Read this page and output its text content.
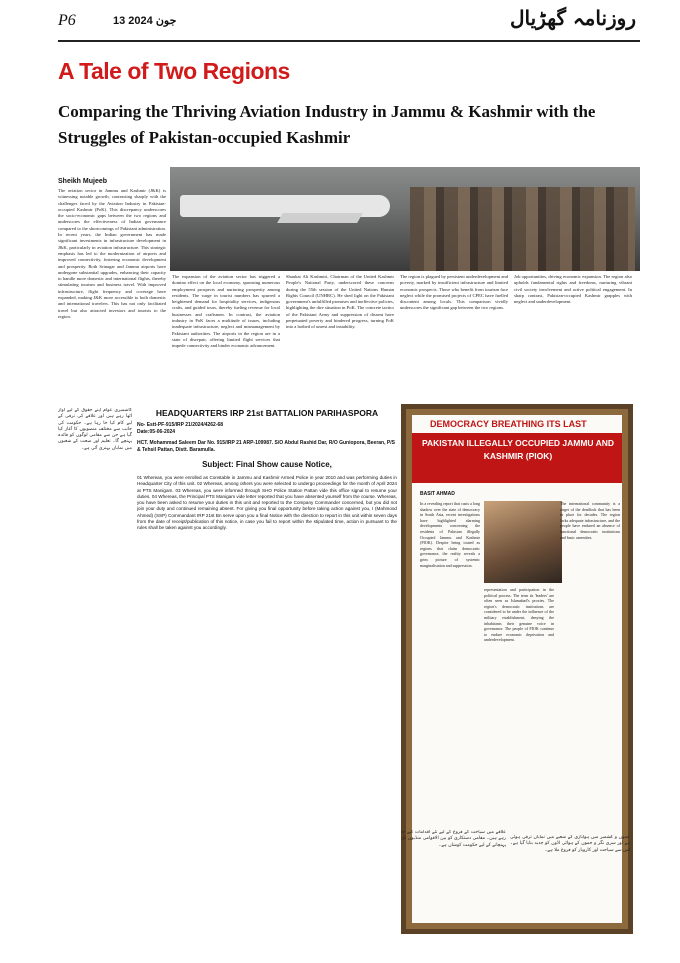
P6	13 جون 2024	روزنامہ گھڑیال
A Tale of Two Regions
Comparing the Thriving Aviation Industry in Jammu & Kashmir with the Struggles of Pakistan-occupied Kashmir
Sheikh Mujeeb
The aviation sector in Jammu and Kashmir (J&K) is witnessing notable growth, contrasting sharply with the challenges faced by the Aviation Industry in Pakistan-occupied Kashmir (PoK). This discrepancy underscores the socio-economic gaps between the two regions and underscores the effectiveness of Indian governance compared to the shortcomings of Pakistani administration. In recent years, the Indian government has made significant investments in infrastructure development in J&K, particularly in aviation infrastructure. This strategic emphasis has led to the modernization of airports and improved connectivity, fostering economic development and prosperity. Both Srinagar and Jammu airports have undergone substantial upgrades, enhancing their capacity to handle more domestic and international flights, thereby stimulating tourism and business travel. With improved infrastructure, flight frequency and coverage have expanded, making J&K more accessible to both domestic and international travelers. This has not only facilitated travel but also attracted investors and tourists to the region.
The expansion of the aviation sector has triggered a domino effect on the local economy, spawning numerous employment prospects and nurturing prosperity among residents. The surge in tourist numbers has spurred a heightened demand for hospitality services, indigenous crafts, and guided tours, thereby fueling revenue for local businesses and craftsmen. In contrast, the aviation industry in PoK faces a multitude of issues, including inadequate infrastructure, neglect and mismanagement by Pakistani authorities. The airports in the region are in a state of disrepair, offering limited flight services that impede connectivity and hinder economic advancement.
Shaukat Ali Kashmiri, Chairman of the United Kashmir People's National Party, underscored these concerns during the 55th session of the United Nations Human Rights Council (UNHRC). He shed light on the Pakistani government's unfulfilled promises and ineffective policies, highlighting the dire situation in PoK. The concrete tactics of the Pakistani Army and suppression of dissent have perpetuated poverty and hindered progress, turning PoK into a hotbed of unrest and instability.
The region is plagued by persistent underdevelopment and poverty, marked by insufficient infrastructure and limited economic prospects. Those who benefit from tourism face neglect while the promised projects of CPEC have fuelled discontent among locals. This comparison vividly underscores the significant gap between the two regions.
Job opportunities, driving economic expansion. The region also upholds fundamental rights and freedoms, nurturing vibrant civil society involvement and active political engagement. In sharp contrast, Pakistan-occupied Kashmir grapples with neglect and underdevelopment.
کاشمیری عوام اپنے حقوق کے لیے آواز اٹھا رہے ہیں اور علاقے کی ترقی کے لیے کام کیا جا رہا ہے۔ حکومت کی جانب سے مختلف منصوبوں کا آغاز کیا گیا ہے جن سے مقامی لوگوں کو فائدہ پہنچے گا۔ تعلیم اور صحت کے شعبوں میں نمایاں بہتری آئی ہے۔
HEADQUARTERS IRP 21st BATTALION PARIHASPORA
No- Estt-PF-915/IRP 21/2024/4262-68
Date:05-06-2024
HCT. Mohammad Saleem Dar No. 915/IRP 21 ARP-109987. S/O Abdul Rashid Dar, R/O Guniopora, Beeran, P/S & Tehsil Pattan, Distt. Baramulla.
Subject: Final Show cause Notice,
01 Whereas, you were enrolled as Constable in Jammu and Kashmir Armed Police in year 2010 and was performing duties in Headquarter City of this unit. 02 Whereas, among others you were selected to undergo proceedings for the month of April 2024 at PTS Manigam. 03 Whereas, you were informed through SHO Police Station Pattan vide this office signal to resume your duties. 04 Whereas, the Principal PTS Manigam vide letter reported that you have absented yourself from the course. Whereas, you have been asked to resume your duties in this unit and reported to the Company Commander concerned, but you did not join your duty and continued remaining absent. For giving you final opportunity before taking action against you, I (Mahmood Ahmed) (SSP) Commandant IRP 21st Bn serve upon you a final Notice with the direction to report in this unit within seven days from the date of receipt/publication of this notice, in case you fail to report within the stipulated time, action in pursuant to the rules shall be taken against you accordingly.
DEMOCRACY BREATHING ITS LAST
PAKISTAN ILLEGALLY OCCUPIED JAMMU AND KASHMIR (PIOK)
BASIT AHMAD
In a revealing report that casts a long shadow over the state of democracy in South Asia, recent investigations have highlighted alarming developments concerning the residents of Pakistan illegally Occupied Jammu and Kashmir (PIOK). Despite being touted as regions that claim democratic governance, the reality reveals a grim picture of systemic marginalisation and suppression.
representation and participation in the political process. The term its 'leaders' are often seen as Islamabad's proxies. The region's democratic institutions are considered to be under the influence of the military establishment, denying the inhabitants their genuine voice in governance. The people of PIOK continue to endure economic deprivation and underdevelopment.
The international community is a target of the deadlock that has been in place for decades. The region lacks adequate infrastructure, and the people have endured an absence of functional democratic institutions and basic amenities.
علاقے میں سیاحت کے فروغ کے لیے نئے اقدامات کیے جا رہے ہیں۔ مقامی دستکاری کو بین الاقوامی منڈیوں تک پہنچانے کے لیے حکومت کوشاں ہے۔
جموں و کشمیر میں ہوابازی کے شعبے میں نمایاں ترقی ہوئی ہے اور سری نگر و جموں کے ہوائی اڈوں کو جدید بنایا گیا ہے۔ اس سے سیاحت اور کاروبار کو فروغ ملا ہے۔
